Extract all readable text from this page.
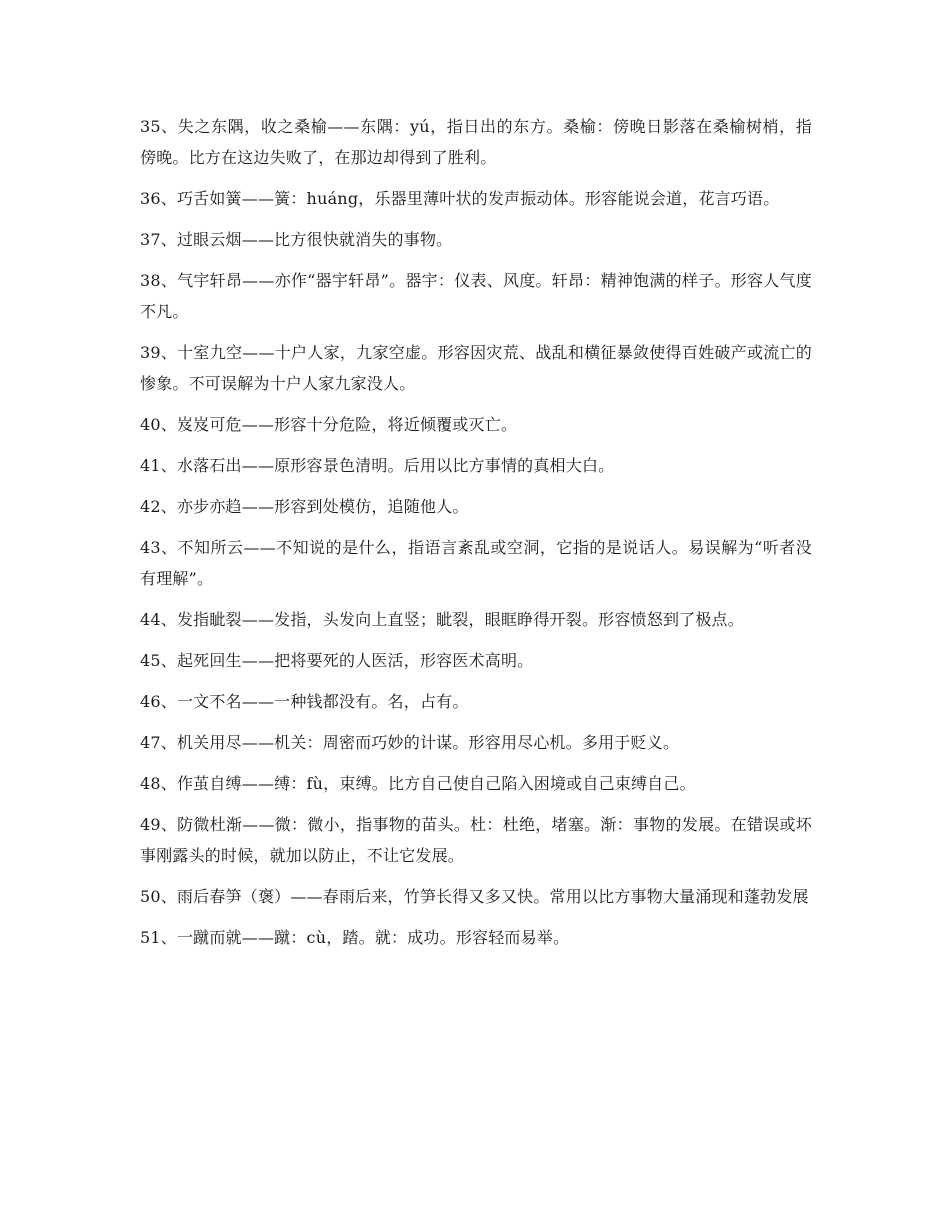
35、失之东隅，收之桑榆——东隅：yú，指日出的东方。桑榆：傍晚日影落在桑榆树梢，指傍晚。比方在这边失败了，在那边却得到了胜利。

36、巧舌如簧——簧：huáng，乐器里薄叶状的发声振动体。形容能说会道，花言巧语。

37、过眼云烟——比方很快就消失的事物。

38、气宇轩昂——亦作“器宇轩昂”。器宇：仪表、风度。轩昂：精神饱满的样子。形容人气度不凡。

39、十室九空——十户人家，九家空虚。形容因灾荒、战乱和横征暴敛使得百姓破产或流亡的惨象。不可误解为十户人家九家没人。

40、岌岌可危——形容十分危险，将近倾覆或灭亡。

41、水落石出——原形容景色清明。后用以比方事情的真相大白。

42、亦步亦趋——形容到处模仿，追随他人。

43、不知所云——不知说的是什么，指语言紊乱或空洞，它指的是说话人。易误解为“听者没有理解”。

44、发指眦裂——发指，头发向上直竖；眦裂，眼眶睁得开裂。形容愤怒到了极点。

45、起死回生——把将要死的人医活，形容医术高明。

46、一文不名——一种钱都没有。名，占有。

47、机关用尽——机关：周密而巧妙的计谋。形容用尽心机。多用于贬义。

48、作茧自缚——缚：fù，束缚。比方自己使自己陷入困境或自己束缚自己。

49、防微杜渐——微：微小，指事物的苗头。杜：杜绝，堵塞。渐：事物的发展。在错误或坏事刚露头的时候，就加以防止，不让它发展。

50、雨后春笋（褒）——春雨后来，竹笋长得又多又快。常用以比方事物大量涌现和蓬勃发展

51、一蹴而就——蹴：cù，踏。就：成功。形容轻而易举。
